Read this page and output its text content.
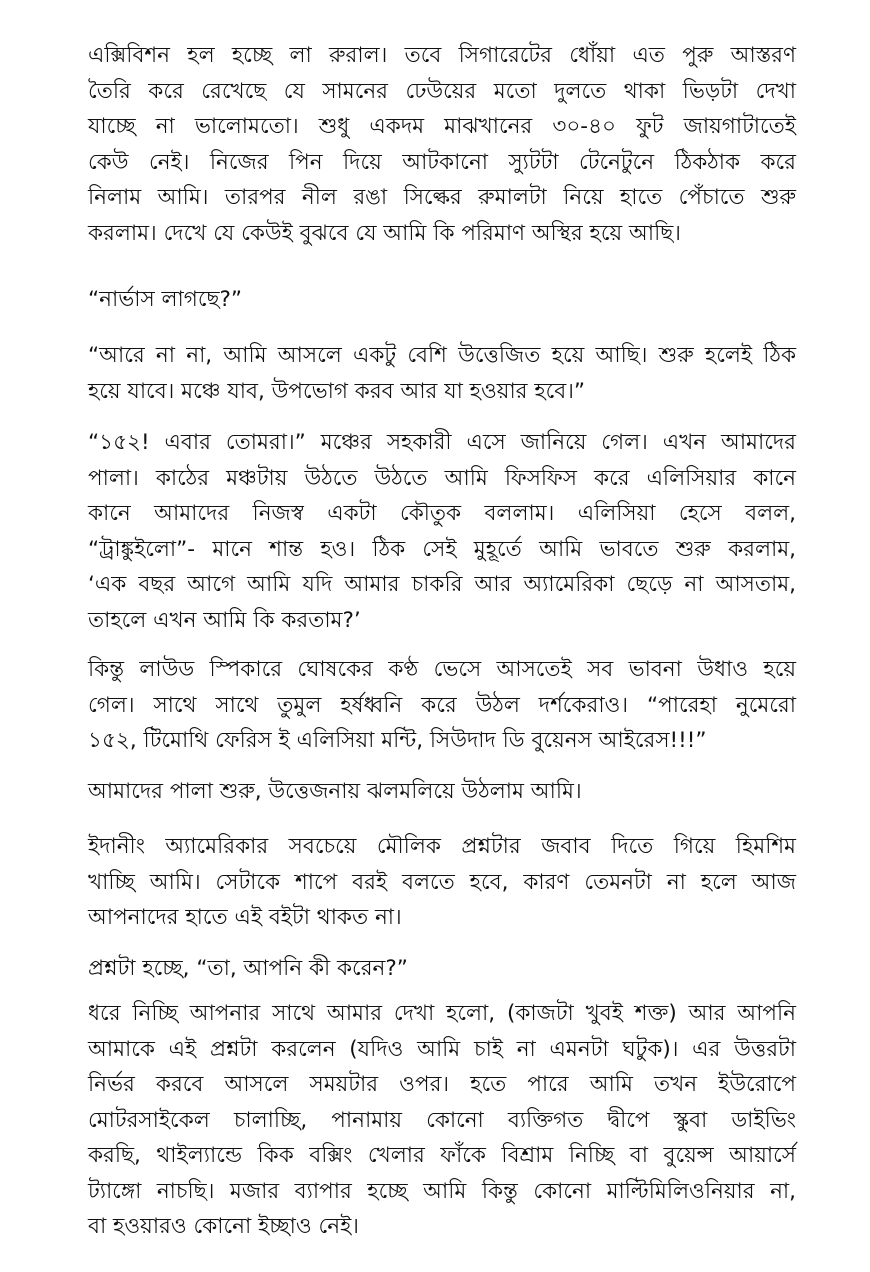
এক্সিবিশন হল হচ্ছে লা রুরাল। তবে সিগারেটের ধোঁয়া এত পুরু আস্তরণ
তৈরি করে রেখেছে যে সামনের ঢেউয়ের মতো দুলতে থাকা ভিড়টা দেখা
যাচ্ছে না ভালোমতো। শুধু একদম মাঝখানের ৩০-৪০ ফুট জায়গাটাতেই
কেউ নেই। নিজের পিন দিয়ে আটকানো স্যুটটা টেনেটুনে ঠিকঠাক করে
নিলাম আমি। তারপর নীল রঙা সিল্কের রুমালটা নিয়ে হাতে পেঁচাতে শুরু
করলাম। দেখে যে কেউই বুঝবে যে আমি কি পরিমাণ অস্থির হয়ে আছি।
“নার্ভাস লাগছে?”
“আরে না না, আমি আসলে একটু বেশি উত্তেজিত হয়ে আছি। শুরু হলেই ঠিক
হয়ে যাবে। মঞ্চে যাব, উপভোগ করব আর যা হওয়ার হবে।”
“১৫২! এবার তোমরা।” মঞ্চের সহকারী এসে জানিয়ে গেল। এখন আমাদের
পালা। কাঠের মঞ্চটায় উঠতে উঠতে আমি ফিসফিস করে এলিসিয়ার কানে
কানে আমাদের নিজস্ব একটা কৌতুক বললাম। এলিসিয়া হেসে বলল,
“ট্রাঙ্কুইলো”- মানে শান্ত হও। ঠিক সেই মুহূর্তে আমি ভাবতে শুরু করলাম,
‘এক বছর আগে আমি যদি আমার চাকরি আর অ্যামেরিকা ছেড়ে না আসতাম,
তাহলে এখন আমি কি করতাম?’
কিন্তু লাউড স্পিকারে ঘোষকের কণ্ঠ ভেসে আসতেই সব ভাবনা উধাও হয়ে
গেল। সাথে সাথে তুমুল হর্ষধ্বনি করে উঠল দর্শকেরাও। “পারেহা নুমেরো
১৫২, টিমোথি ফেরিস ই এলিসিয়া মন্টি, সিউদাদ ডি বুয়েনস আইরেস!!!”
আমাদের পালা শুরু, উত্তেজনায় ঝলমলিয়ে উঠলাম আমি।
ইদানীং অ্যামেরিকার সবচেয়ে মৌলিক প্রশ্নটার জবাব দিতে গিয়ে হিমশিম
খাচ্ছি আমি। সেটাকে শাপে বরই বলতে হবে, কারণ তেমনটা না হলে আজ
আপনাদের হাতে এই বইটা থাকত না।
প্রশ্নটা হচ্ছে, “তা, আপনি কী করেন?”
ধরে নিচ্ছি আপনার সাথে আমার দেখা হলো, (কাজটা খুবই শক্ত) আর আপনি
আমাকে এই প্রশ্নটা করলেন (যদিও আমি চাই না এমনটা ঘটুক)। এর উত্তরটা
নির্ভর করবে আসলে সময়টার ওপর। হতে পারে আমি তখন ইউরোপে
মোটরসাইকেল চালাচ্ছি, পানামায় কোনো ব্যক্তিগত দ্বীপে স্কুবা ডাইভিং
করছি, থাইল্যান্ডে কিক বক্সিং খেলার ফাঁকে বিশ্রাম নিচ্ছি বা বুয়েন্স আয়ার্সে
ট্যাঙ্গো নাচছি। মজার ব্যাপার হচ্ছে আমি কিন্তু কোনো মাল্টিমিলিওনিয়ার না,
বা হওয়ারও কোনো ইচ্ছাও নেই।
